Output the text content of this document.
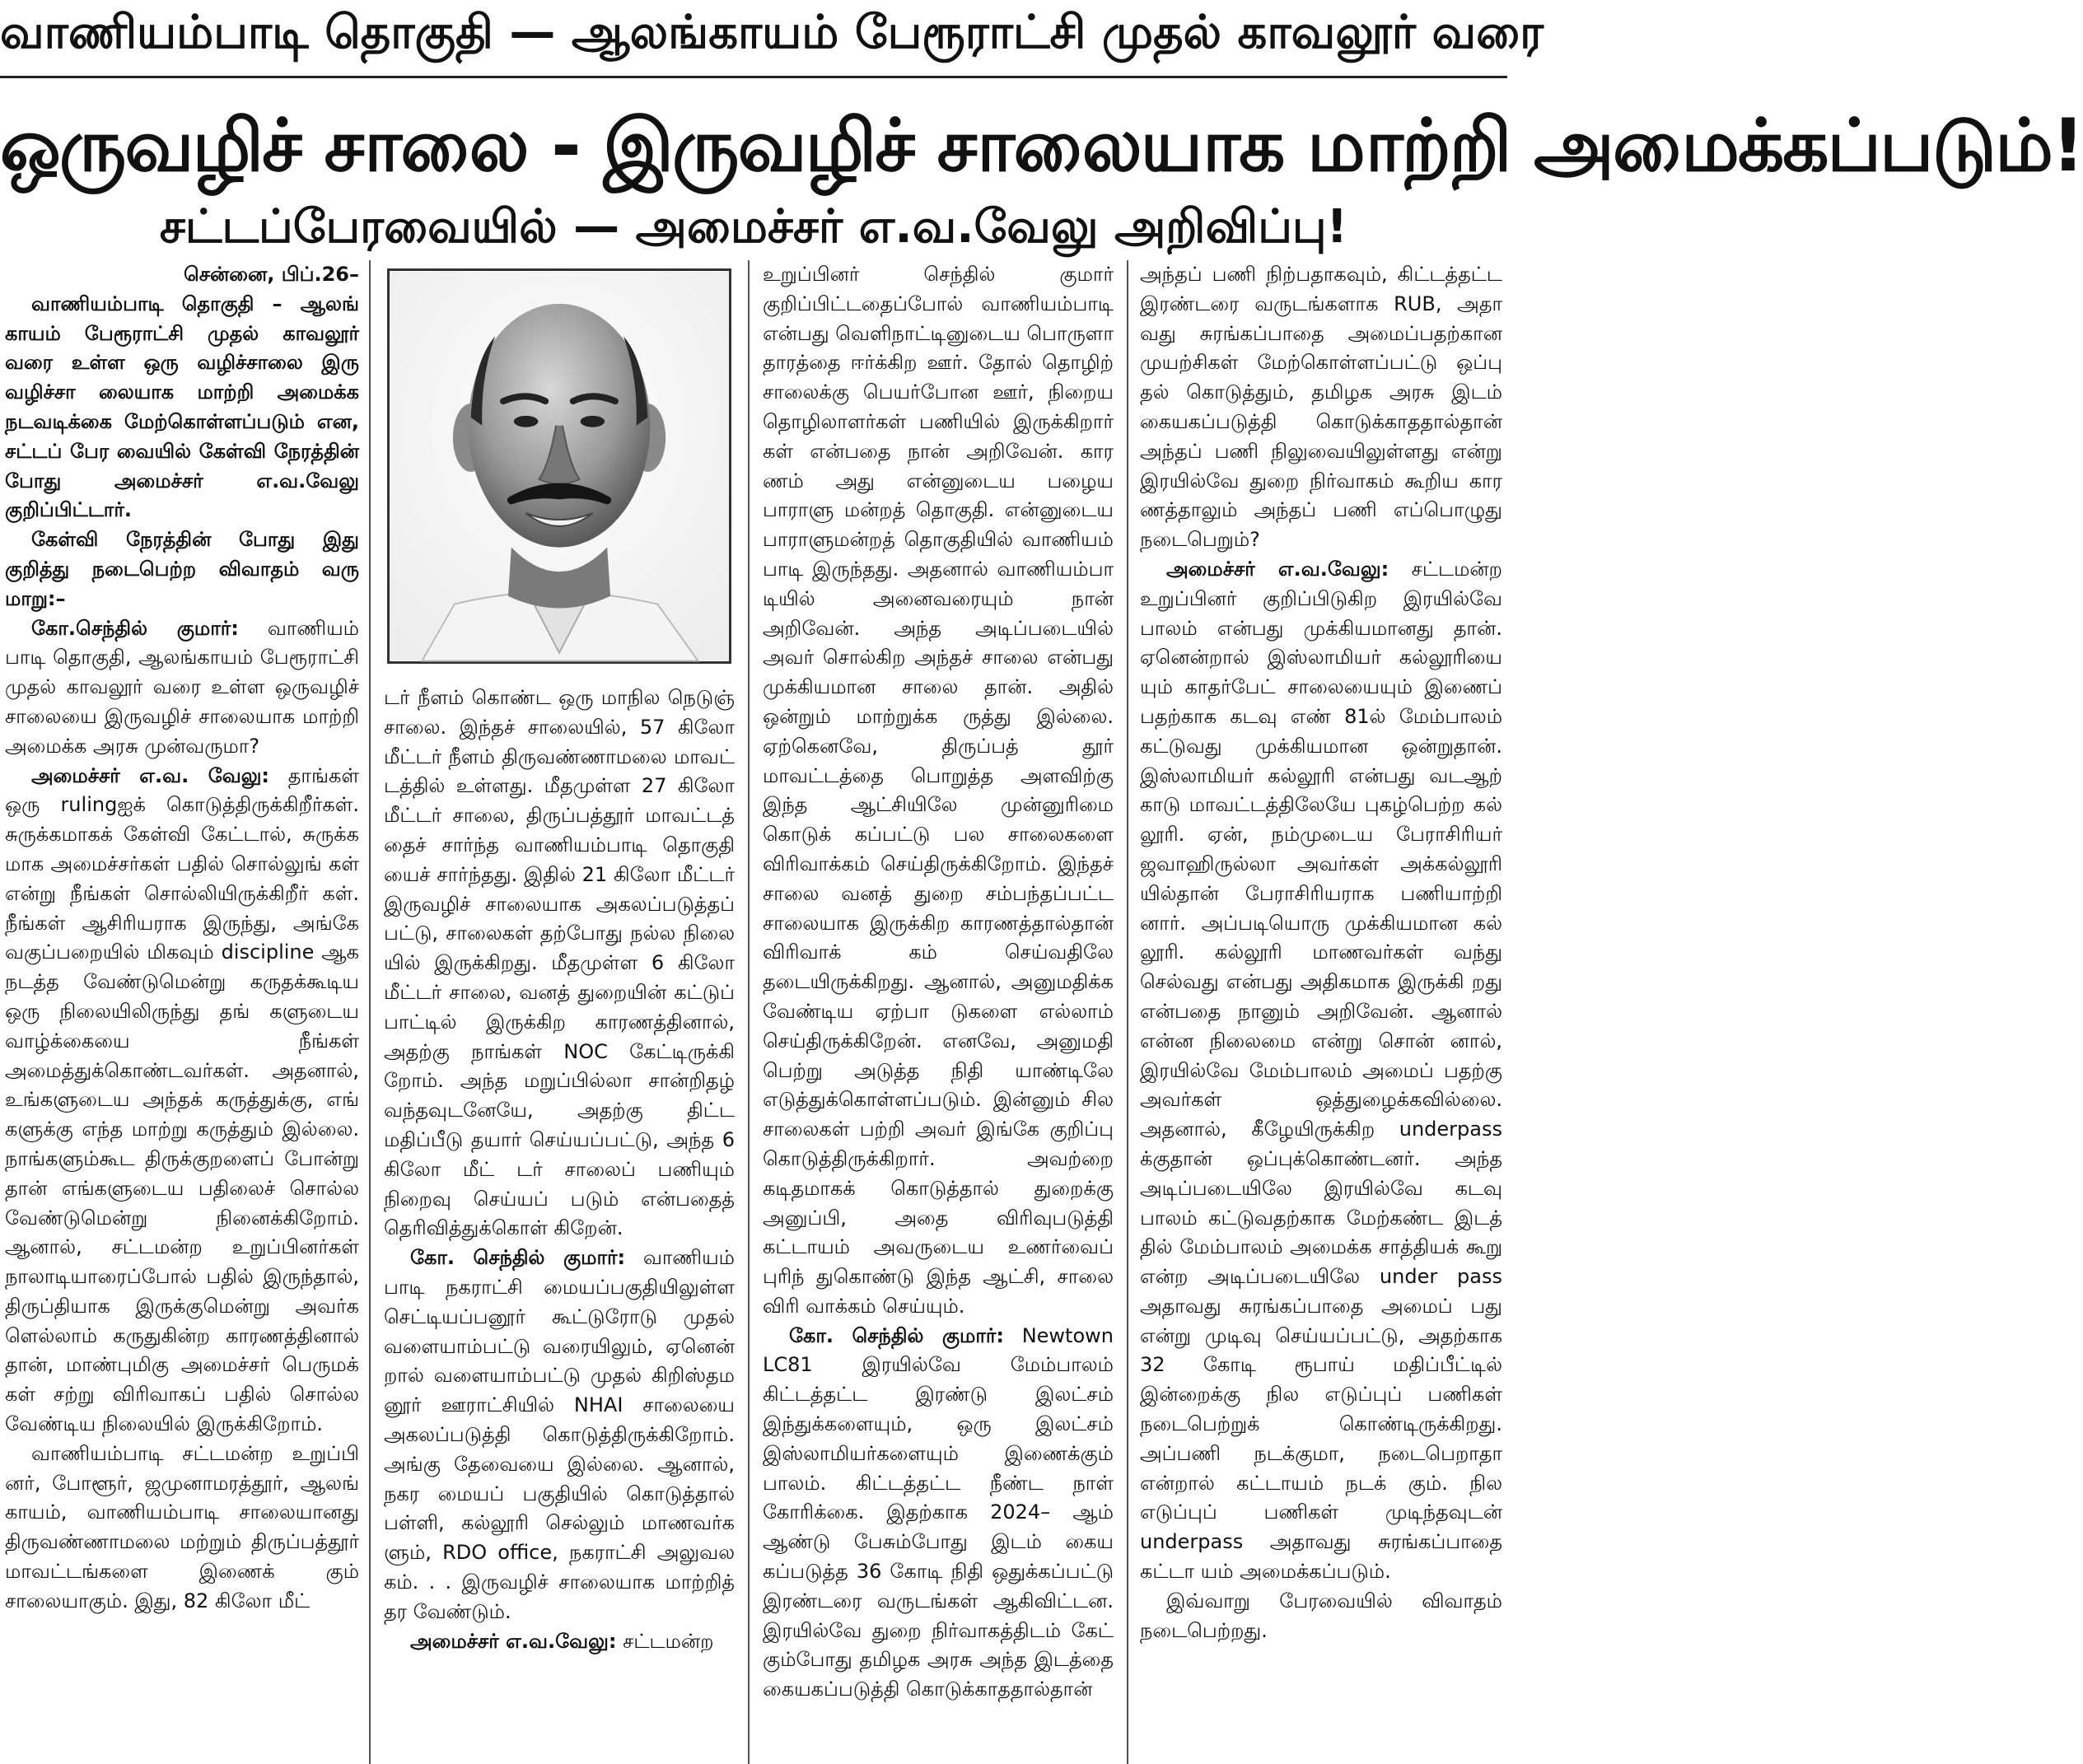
வாணியம்பாடி தொகுதி — ஆலங்காயம் பேரூராட்சி முதல் காவலூர் வரை
ஒருவழிச் சாலை - இருவழிச் சாலையாக மாற்றி அமைக்கப்படும்!
சட்டப்பேரவையில் — அமைச்சர் எ.வ.வேலு அறிவிப்பு!

சென்னை, பிப்.26–

வாணியம்பாடி தொகுதி – ஆலங் காயம் பேரூராட்சி முதல் காவலூர் வரை உள்ள ஒரு வழிச்சாலை இரு வழிச்சா லையாக மாற்றி அமைக்க நடவடிக்கை மேற்கொள்ளப்படும் என, சட்டப் பேர வையில் கேள்வி நேரத்தின் போது அமைச்சர் எ.வ.வேலு குறிப்பிட்டார்.

கேள்வி நேரத்தின் போது இது குறித்து நடைபெற்ற விவாதம் வரு மாறு:–

கோ.செந்தில் குமார்: வாணியம் பாடி தொகுதி, ஆலங்காயம் பேரூராட்சி முதல் காவலூர் வரை உள்ள ஒருவழிச் சாலையை இருவழிச் சாலையாக மாற்றி அமைக்க அரசு முன்வருமா?

அமைச்சர் எ.வ. வேலு: தாங்கள் ஒரு rulingஐக் கொடுத்திருக்கிறீர்கள். சுருக்கமாகக் கேள்வி கேட்டால், சுருக்க மாக அமைச்சர்கள் பதில் சொல்லுங் கள் என்று நீங்கள் சொல்லியிருக்கிறீர் கள். நீங்கள் ஆசிரியராக இருந்து, அங்கே வகுப்பறையில் மிகவும் discipline ஆக நடத்த வேண்டுமென்று கருதக்கூடிய ஒரு நிலையிலிருந்து தங் களுடைய வாழ்க்கையை நீங்கள் அமைத்துக்கொண்டவர்கள். அதனால், உங்களுடைய அந்தக் கருத்துக்கு, எங் களுக்கு எந்த மாற்று கருத்தும் இல்லை. நாங்களும்கூட திருக்குறளைப் போன்று தான் எங்களுடைய பதிலைச் சொல்ல வேண்டுமென்று நினைக்கிறோம். ஆனால், சட்டமன்ற உறுப்பினர்கள் நாலாடியாரைப்போல் பதில் இருந்தால், திருப்தியாக இருக்குமென்று அவர்க ளெல்லாம் கருதுகின்ற காரணத்தினால் தான், மாண்புமிகு அமைச்சர் பெருமக் கள் சற்று விரிவாகப் பதில் சொல்ல வேண்டிய நிலையில் இருக்கிறோம்.

வாணியம்பாடி சட்டமன்ற உறுப்பி னர், போளூர், ஜமுனாமரத்தூர், ஆலங் காயம், வாணியம்பாடி சாலையானது திருவண்ணாமலை மற்றும் திருப்பத்தூர் மாவட்டங்களை இணைக் கும் சாலையாகும். இது, 82 கிலோ மீட்

டர் நீளம் கொண்ட ஒரு மாநில நெடுஞ் சாலை. இந்தச் சாலையில், 57 கிலோ மீட்டர் நீளம் திருவண்ணாமலை மாவட் டத்தில் உள்ளது. மீதமுள்ள 27 கிலோ மீட்டர் சாலை, திருப்பத்தூர் மாவட்டத் தைச் சார்ந்த வாணியம்பாடி தொகுதி யைச் சார்ந்தது. இதில் 21 கிலோ மீட்டர் இருவழிச் சாலையாக அகலப்படுத்தப் பட்டு, சாலைகள் தற்போது நல்ல நிலை யில் இருக்கிறது. மீதமுள்ள 6 கிலோ மீட்டர் சாலை, வனத் துறையின் கட்டுப் பாட்டில் இருக்கிற காரணத்தினால், அதற்கு நாங்கள் NOC கேட்டிருக்கி றோம். அந்த மறுப்பில்லா சான்றிதழ் வந்தவுடனேயே, அதற்கு திட்ட மதிப்பீடு தயார் செய்யப்பட்டு, அந்த 6 கிலோ மீட் டர் சாலைப் பணியும் நிறைவு செய்யப் படும் என்பதைத் தெரிவித்துக்கொள் கிறேன்.

கோ. செந்தில் குமார்: வாணியம் பாடி நகராட்சி மையப்பகுதியிலுள்ள செட்டியப்பனூர் கூட்டுரோடு முதல் வளையாம்பட்டு வரையிலும், ஏனென் றால் வளையாம்பட்டு முதல் கிறிஸ்தம னூர் ஊராட்சியில் NHAI சாலையை அகலப்படுத்தி கொடுத்திருக்கிறோம். அங்கு தேவையை இல்லை. ஆனால், நகர மையப் பகுதியில் கொடுத்தால் பள்ளி, கல்லூரி செல்லும் மாணவர்க ளும், RDO office, நகராட்சி அலுவல கம். . . இருவழிச் சாலையாக மாற்றித் தர வேண்டும்.

அமைச்சர் எ.வ.வேலு: சட்டமன்ற

உறுப்பினர் செந்தில் குமார் குறிப்பிட்டதைப்போல் வாணியம்பாடி என்பது வெளிநாட்டினுடைய பொருளா தாரத்தை ஈர்க்கிற ஊர். தோல் தொழிற் சாலைக்கு பெயர்போன ஊர், நிறைய தொழிலாளர்கள் பணியில் இருக்கிறார் கள் என்பதை நான் அறிவேன். கார ணம் அது என்னுடைய பழைய பாராளு மன்றத் தொகுதி. என்னுடைய பாராளுமன்றத் தொகுதியில் வாணியம் பாடி இருந்தது. அதனால் வாணியம்பா டியில் அனைவரையும் நான் அறிவேன். அந்த அடிப்படையில் அவர் சொல்கிற அந்தச் சாலை என்பது முக்கியமான சாலை தான். அதில் ஒன்றும் மாற்றுக்க ருத்து இல்லை. ஏற்கெனவே, திருப்பத் தூர் மாவட்டத்தை பொறுத்த அளவிற்கு இந்த ஆட்சியிலே முன்னுரிமை கொடுக் கப்பட்டு பல சாலைகளை விரிவாக்கம் செய்திருக்கிறோம். இந்தச் சாலை வனத் துறை சம்பந்தப்பட்ட சாலையாக இருக்கிற காரணத்தால்தான் விரிவாக் கம் செய்வதிலே தடையிருக்கிறது. ஆனால், அனுமதிக்க வேண்டிய ஏற்பா டுகளை எல்லாம் செய்திருக்கிறேன். எனவே, அனுமதி பெற்று அடுத்த நிதி யாண்டிலே எடுத்துக்கொள்ளப்படும். இன்னும் சில சாலைகள் பற்றி அவர் இங்கே குறிப்பு கொடுத்திருக்கிறார். அவற்றை கடிதமாகக் கொடுத்தால் துறைக்கு அனுப்பி, அதை விரிவுபடுத்தி கட்டாயம் அவருடைய உணர்வைப் புரிந் துகொண்டு இந்த ஆட்சி, சாலை விரி வாக்கம் செய்யும்.

கோ. செந்தில் குமார்: Newtown LC81 இரயில்வே மேம்பாலம் கிட்டத்தட்ட இரண்டு இலட்சம் இந்துக்களையும், ஒரு இலட்சம் இஸ்லாமியர்களையும் இணைக்கும் பாலம். கிட்டத்தட்ட நீண்ட நாள் கோரிக்கை. இதற்காக 2024– ஆம் ஆண்டு பேசும்போது இடம் கைய கப்படுத்த 36 கோடி நிதி ஒதுக்கப்பட்டு இரண்டரை வருடங்கள் ஆகிவிட்டன. இரயில்வே துறை நிர்வாகத்திடம் கேட் கும்போது தமிழக அரசு அந்த இடத்தை கையகப்படுத்தி கொடுக்காததால்தான்

அந்தப் பணி நிற்பதாகவும், கிட்டத்தட்ட இரண்டரை வருடங்களாக RUB, அதா வது சுரங்கப்பாதை அமைப்பதற்கான முயற்சிகள் மேற்கொள்ளப்பட்டு ஒப்பு தல் கொடுத்தும், தமிழக அரசு இடம் கையகப்படுத்தி கொடுக்காததால்தான் அந்தப் பணி நிலுவையிலுள்ளது என்று இரயில்வே துறை நிர்வாகம் கூறிய கார ணத்தாலும் அந்தப் பணி எப்பொழுது நடைபெறும்?

அமைச்சர் எ.வ.வேலு: சட்டமன்ற உறுப்பினர் குறிப்பிடுகிற இரயில்வே பாலம் என்பது முக்கியமானது தான். ஏனென்றால் இஸ்லாமியர் கல்லூரியை யும் காதர்பேட் சாலையையும் இணைப் பதற்காக கடவு எண் 81ல் மேம்பாலம் கட்டுவது முக்கியமான ஒன்றுதான். இஸ்லாமியர் கல்லூரி என்பது வடஆற் காடு மாவட்டத்திலேயே புகழ்பெற்ற கல் லூரி. ஏன், நம்முடைய பேராசிரியர் ஜவாஹிருல்லா அவர்கள் அக்கல்லூரி யில்தான் பேராசிரியராக பணியாற்றி னார். அப்படியொரு முக்கியமான கல் லூரி. கல்லூரி மாணவர்கள் வந்து செல்வது என்பது அதிகமாக இருக்கி றது என்பதை நானும் அறிவேன். ஆனால் என்ன நிலைமை என்று சொன் னால், இரயில்வே மேம்பாலம் அமைப் பதற்கு அவர்கள் ஒத்துழைக்கவில்லை. அதனால், கீழேயிருக்கிற underpass க்குதான் ஒப்புக்கொண்டனர். அந்த அடிப்படையிலே இரயில்வே கடவு பாலம் கட்டுவதற்காக மேற்கண்ட இடத் தில் மேம்பாலம் அமைக்க சாத்தியக் கூறு என்ற அடிப்படையிலே under pass அதாவது சுரங்கப்பாதை அமைப் பது என்று முடிவு செய்யப்பட்டு, அதற்காக 32 கோடி ரூபாய் மதிப்பீட்டில் இன்றைக்கு நில எடுப்புப் பணிகள் நடைபெற்றுக் கொண்டிருக்கிறது. அப்பணி நடக்குமா, நடைபெறாதா என்றால் கட்டாயம் நடக் கும். நில எடுப்புப் பணிகள் முடிந்தவுடன் underpass அதாவது சுரங்கப்பாதை கட்டா யம் அமைக்கப்படும்.

இவ்வாறு பேரவையில் விவாதம் நடைபெற்றது.
